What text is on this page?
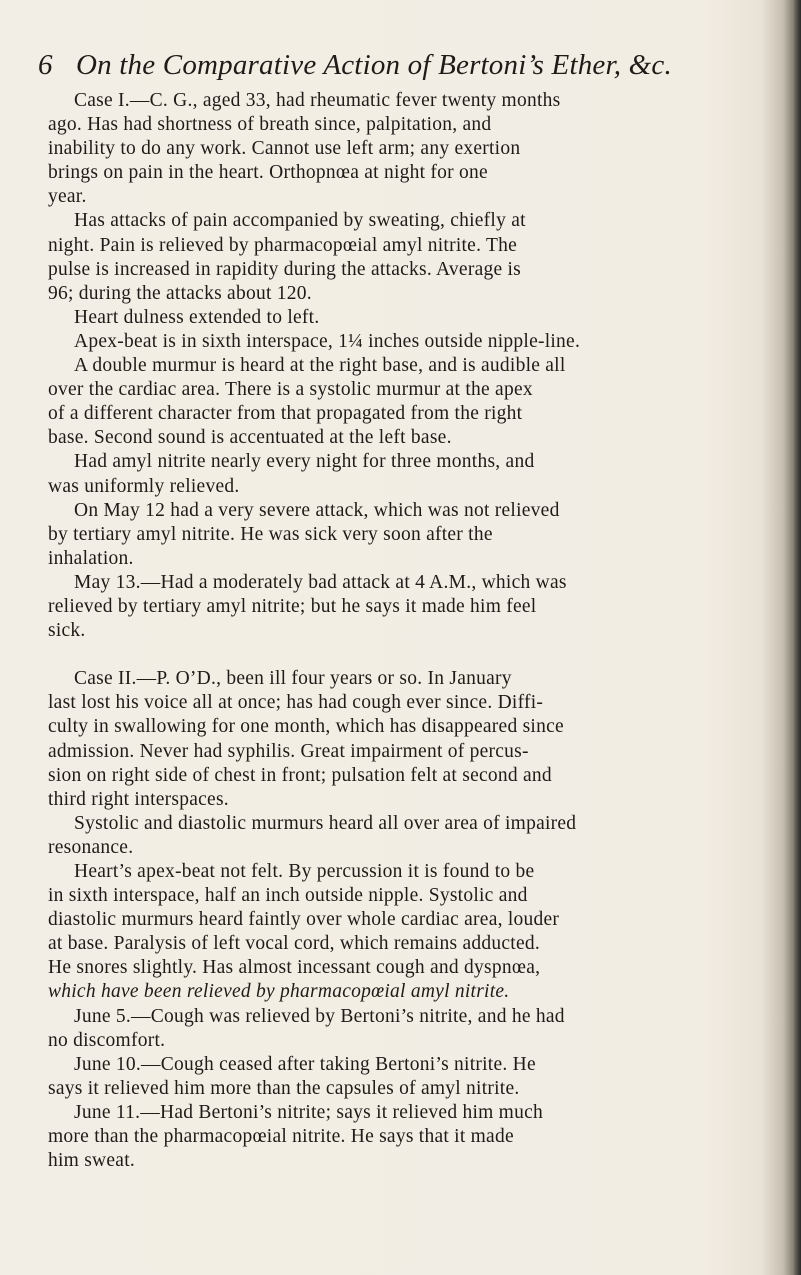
6 On the Comparative Action of Bertoni’s Ether, &c.
Case I.—C. G., aged 33, had rheumatic fever twenty months
ago. Has had shortness of breath since, palpitation, and
inability to do any work. Cannot use left arm; any exertion
brings on pain in the heart. Orthopnœa at night for one
year.
Has attacks of pain accompanied by sweating, chiefly at
night. Pain is relieved by pharmacopœial amyl nitrite. The
pulse is increased in rapidity during the attacks. Average is
96; during the attacks about 120.
Heart dulness extended to left.
Apex-beat is in sixth interspace, 1¼ inches outside nipple-line.
A double murmur is heard at the right base, and is audible all
over the cardiac area. There is a systolic murmur at the apex
of a different character from that propagated from the right
base. Second sound is accentuated at the left base.
Had amyl nitrite nearly every night for three months, and
was uniformly relieved.
On May 12 had a very severe attack, which was not relieved
by tertiary amyl nitrite. He was sick very soon after the
inhalation.
May 13.—Had a moderately bad attack at 4 A.M., which was
relieved by tertiary amyl nitrite; but he says it made him feel
sick.
Case II.—P. O’D., been ill four years or so. In January
last lost his voice all at once; has had cough ever since. Diffi-
culty in swallowing for one month, which has disappeared since
admission. Never had syphilis. Great impairment of percus-
sion on right side of chest in front; pulsation felt at second and
third right interspaces.
Systolic and diastolic murmurs heard all over area of impaired
resonance.
Heart’s apex-beat not felt. By percussion it is found to be
in sixth interspace, half an inch outside nipple. Systolic and
diastolic murmurs heard faintly over whole cardiac area, louder
at base. Paralysis of left vocal cord, which remains adducted.
He snores slightly. Has almost incessant cough and dyspnœa,
which have been relieved by pharmacopœial amyl nitrite.
June 5.—Cough was relieved by Bertoni’s nitrite, and he had
no discomfort.
June 10.—Cough ceased after taking Bertoni’s nitrite. He
says it relieved him more than the capsules of amyl nitrite.
June 11.—Had Bertoni’s nitrite; says it relieved him much
more than the pharmacopœial nitrite. He says that it made
him sweat.
